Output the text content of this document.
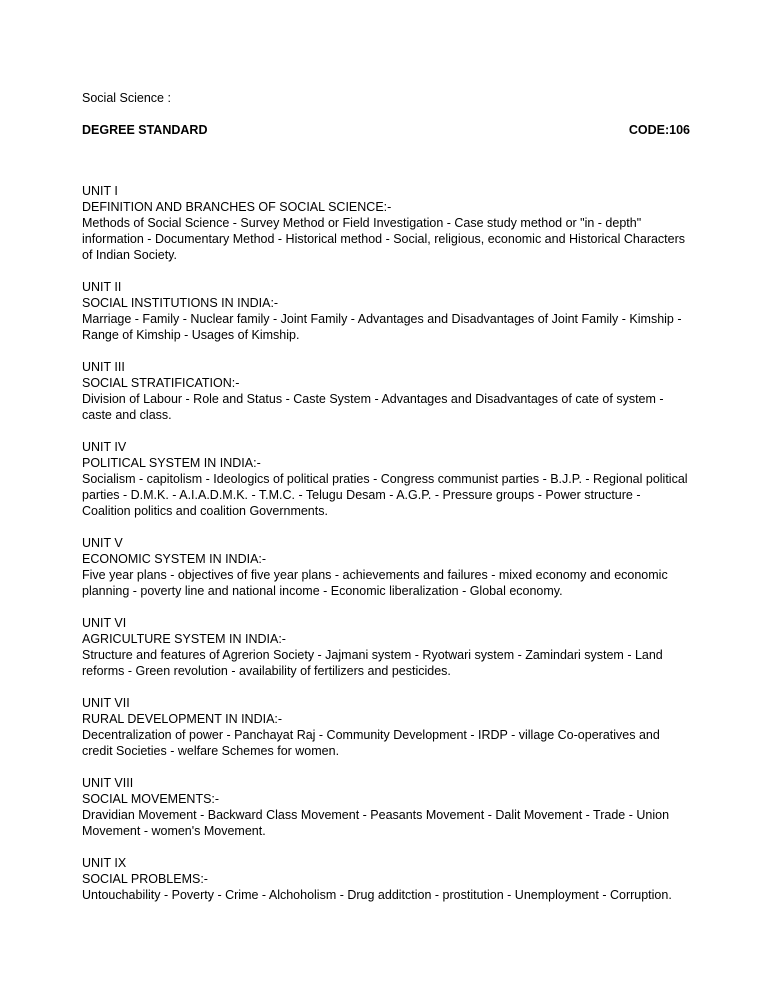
Social Science :
DEGREE STANDARD	CODE:106
UNIT I
DEFINITION AND BRANCHES OF SOCIAL SCIENCE:-
Methods of Social Science - Survey Method or Field Investigation - Case study method or "in - depth" information - Documentary Method - Historical method - Social, religious, economic and Historical Characters of Indian Society.
UNIT II
SOCIAL INSTITUTIONS IN INDIA:-
Marriage - Family - Nuclear family - Joint Family - Advantages and Disadvantages of Joint Family - Kimship - Range of Kimship - Usages of Kimship.
UNIT III
SOCIAL STRATIFICATION:-
Division of Labour - Role and Status - Caste System - Advantages and Disadvantages of cate of system - caste and class.
UNIT IV
POLITICAL SYSTEM IN INDIA:-
Socialism - capitolism - Ideologics of political praties - Congress communist parties - B.J.P. - Regional political parties - D.M.K. - A.I.A.D.M.K. - T.M.C. - Telugu Desam - A.G.P. - Pressure groups - Power structure - Coalition politics and coalition Governments.
UNIT V
ECONOMIC SYSTEM IN INDIA:-
Five year plans - objectives of five year plans - achievements and failures - mixed economy and economic planning - poverty line and national income - Economic liberalization - Global economy.
UNIT VI
AGRICULTURE SYSTEM IN INDIA:-
Structure and features of Agrerion Society - Jajmani system - Ryotwari system - Zamindari system - Land reforms - Green revolution - availability of fertilizers and pesticides.
UNIT VII
RURAL DEVELOPMENT IN INDIA:-
Decentralization of power - Panchayat Raj - Community Development - IRDP - village Co-operatives and credit Societies - welfare Schemes for women.
UNIT VIII
SOCIAL MOVEMENTS:-
Dravidian Movement - Backward Class Movement - Peasants Movement - Dalit Movement - Trade - Union Movement - women's Movement.
UNIT IX
SOCIAL PROBLEMS:-
Untouchability - Poverty - Crime - Alchoholism - Drug additction - prostitution - Unemployment - Corruption.
